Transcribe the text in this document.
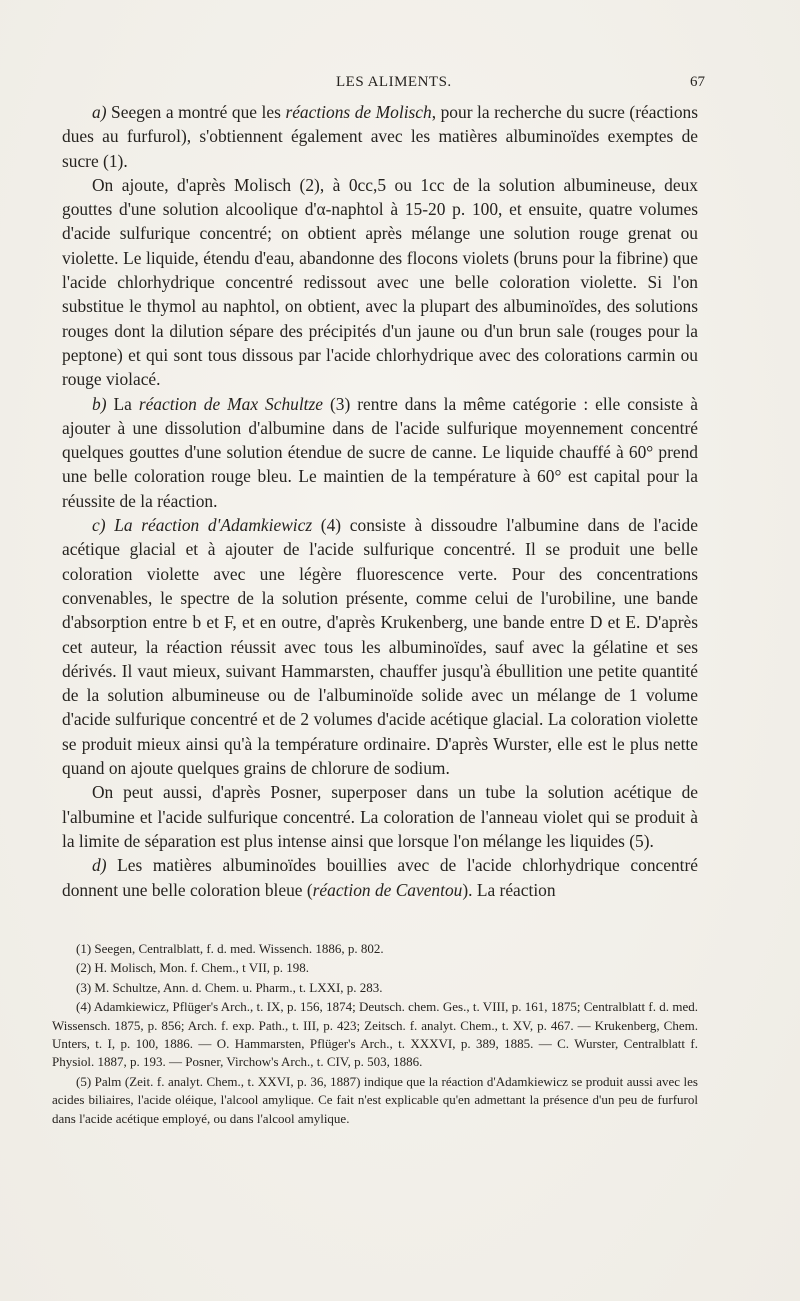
LES ALIMENTS.	67

a) Seegen a montré que les réactions de Molisch, pour la recherche du sucre (réactions dues au furfurol), s'obtiennent également avec les matières albuminoïdes exemptes de sucre (1).

On ajoute, d'après Molisch (2), à 0cc,5 ou 1cc de la solution albumineuse, deux gouttes d'une solution alcoolique d'α-naphtol à 15-20 p. 100, et ensuite, quatre volumes d'acide sulfurique concentré; on obtient après mélange une solution rouge grenat ou violette. Le liquide, étendu d'eau, abandonne des flocons violets (bruns pour la fibrine) que l'acide chlorhydrique concentré redissout avec une belle coloration violette. Si l'on substitue le thymol au naphtol, on obtient, avec la plupart des albuminoïdes, des solutions rouges dont la dilution sépare des précipités d'un jaune ou d'un brun sale (rouges pour la peptone) et qui sont tous dissous par l'acide chlorhydrique avec des colorations carmin ou rouge violacé.

b) La réaction de Max Schultze (3) rentre dans la même catégorie : elle consiste à ajouter à une dissolution d'albumine dans de l'acide sulfurique moyennement concentré quelques gouttes d'une solution étendue de sucre de canne. Le liquide chauffé à 60° prend une belle coloration rouge bleu. Le maintien de la température à 60° est capital pour la réussite de la réaction.

c) La réaction d'Adamkiewicz (4) consiste à dissoudre l'albumine dans de l'acide acétique glacial et à ajouter de l'acide sulfurique concentré. Il se produit une belle coloration violette avec une légère fluorescence verte. Pour des concentrations convenables, le spectre de la solution présente, comme celui de l'urobiline, une bande d'absorption entre b et F, et en outre, d'après Krukenberg, une bande entre D et E. D'après cet auteur, la réaction réussit avec tous les albuminoïdes, sauf avec la gélatine et ses dérivés. Il vaut mieux, suivant Hammarsten, chauffer jusqu'à ébullition une petite quantité de la solution albumineuse ou de l'albuminoïde solide avec un mélange de 1 volume d'acide sulfurique concentré et de 2 volumes d'acide acétique glacial. La coloration violette se produit mieux ainsi qu'à la température ordinaire. D'après Wurster, elle est le plus nette quand on ajoute quelques grains de chlorure de sodium.

On peut aussi, d'après Posner, superposer dans un tube la solution acétique de l'albumine et l'acide sulfurique concentré. La coloration de l'anneau violet qui se produit à la limite de séparation est plus intense ainsi que lorsque l'on mélange les liquides (5).

d) Les matières albuminoïdes bouillies avec de l'acide chlorhydrique concentré donnent une belle coloration bleue (réaction de Caventou). La réaction

(1) Seegen, Centralblatt, f. d. med. Wissench. 1886, p. 802.

(2) H. Molisch, Mon. f. Chem., t VII, p. 198.

(3) M. Schultze, Ann. d. Chem. u. Pharm., t. LXXI, p. 283.

(4) Adamkiewicz, Pflüger's Arch., t. IX, p. 156, 1874; Deutsch. chem. Ges., t. VIII, p. 161, 1875; Centralblatt f. d. med. Wissensch. 1875, p. 856; Arch. f. exp. Path., t. III, p. 423; Zeitsch. f. analyt. Chem., t. XV, p. 467. — Krukenberg, Chem. Unters, t. I, p. 100, 1886. — O. Hammarsten, Pflüger's Arch., t. XXXVI, p. 389, 1885. — C. Wurster, Centralblatt f. Physiol. 1887, p. 193. — Posner, Virchow's Arch., t. CIV, p. 503, 1886.

(5) Palm (Zeit. f. analyt. Chem., t. XXVI, p. 36, 1887) indique que la réaction d'Adamkiewicz se produit aussi avec les acides biliaires, l'acide oléique, l'alcool amylique. Ce fait n'est explicable qu'en admettant la présence d'un peu de furfurol dans l'acide acétique employé, ou dans l'alcool amylique.
